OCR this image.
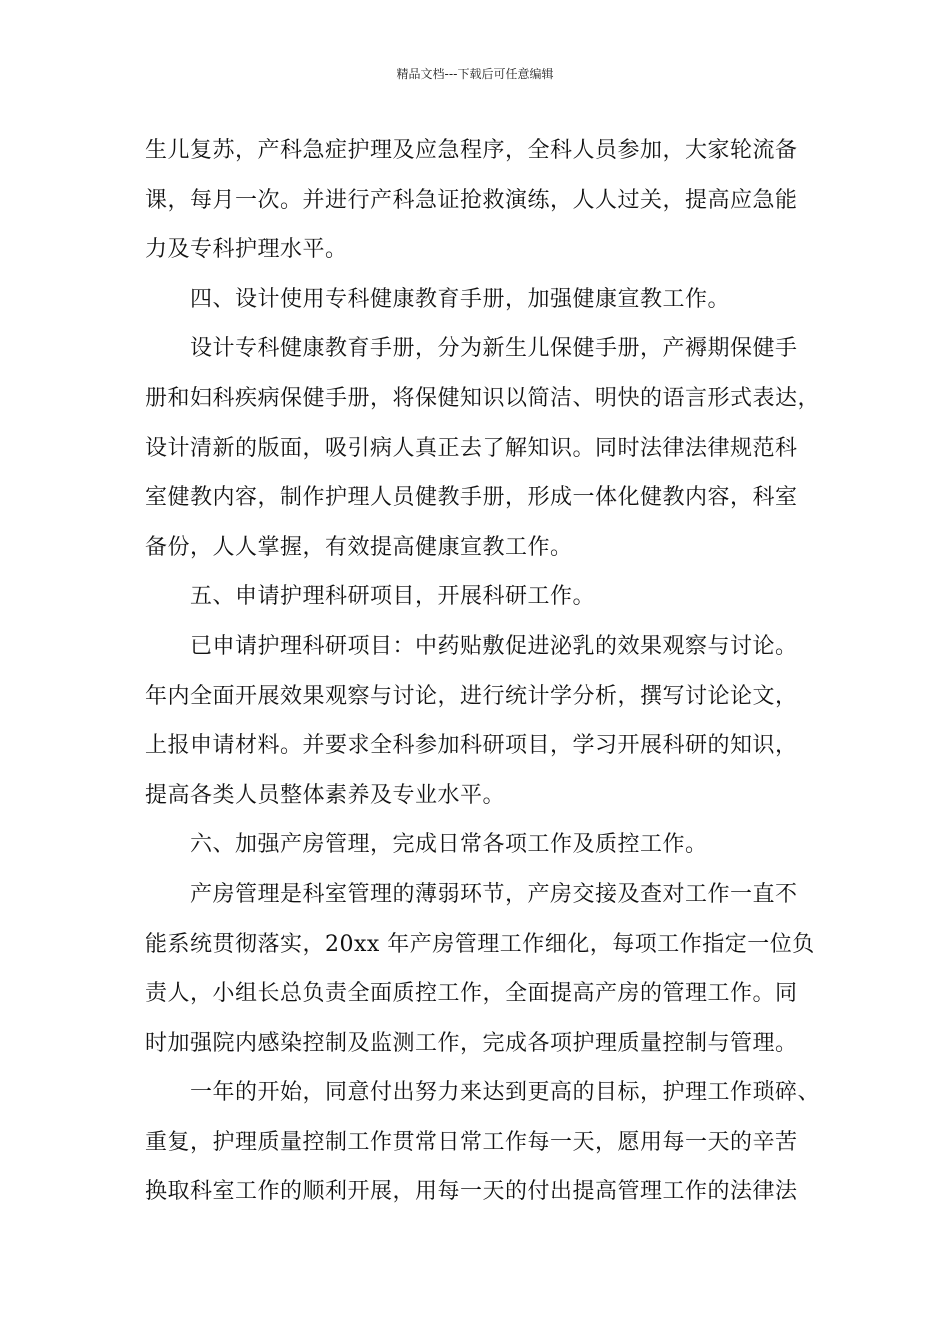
精品文档---下载后可任意编辑
生儿复苏，产科急症护理及应急程序，全科人员参加，大家轮流备
课，每月一次。并进行产科急证抢救演练，人人过关，提高应急能
力及专科护理水平。
四、设计使用专科健康教育手册，加强健康宣教工作。
设计专科健康教育手册，分为新生儿保健手册，产褥期保健手
册和妇科疾病保健手册，将保健知识以简洁、明快的语言形式表达，
设计清新的版面，吸引病人真正去了解知识。同时法律法律规范科
室健教内容，制作护理人员健教手册，形成一体化健教内容，科室
备份，人人掌握，有效提高健康宣教工作。
五、申请护理科研项目，开展科研工作。
已申请护理科研项目：中药贴敷促进泌乳的效果观察与讨论。
年内全面开展效果观察与讨论，进行统计学分析，撰写讨论论文，
上报申请材料。并要求全科参加科研项目，学习开展科研的知识，
提高各类人员整体素养及专业水平。
六、加强产房管理，完成日常各项工作及质控工作。
产房管理是科室管理的薄弱环节，产房交接及查对工作一直不
能系统贯彻落实，20xx 年产房管理工作细化，每项工作指定一位负
责人，小组长总负责全面质控工作，全面提高产房的管理工作。同
时加强院内感染控制及监测工作，完成各项护理质量控制与管理。
一年的开始，同意付出努力来达到更高的目标，护理工作琐碎、
重复，护理质量控制工作贯常日常工作每一天，愿用每一天的辛苦
换取科室工作的顺利开展，用每一天的付出提高管理工作的法律法
